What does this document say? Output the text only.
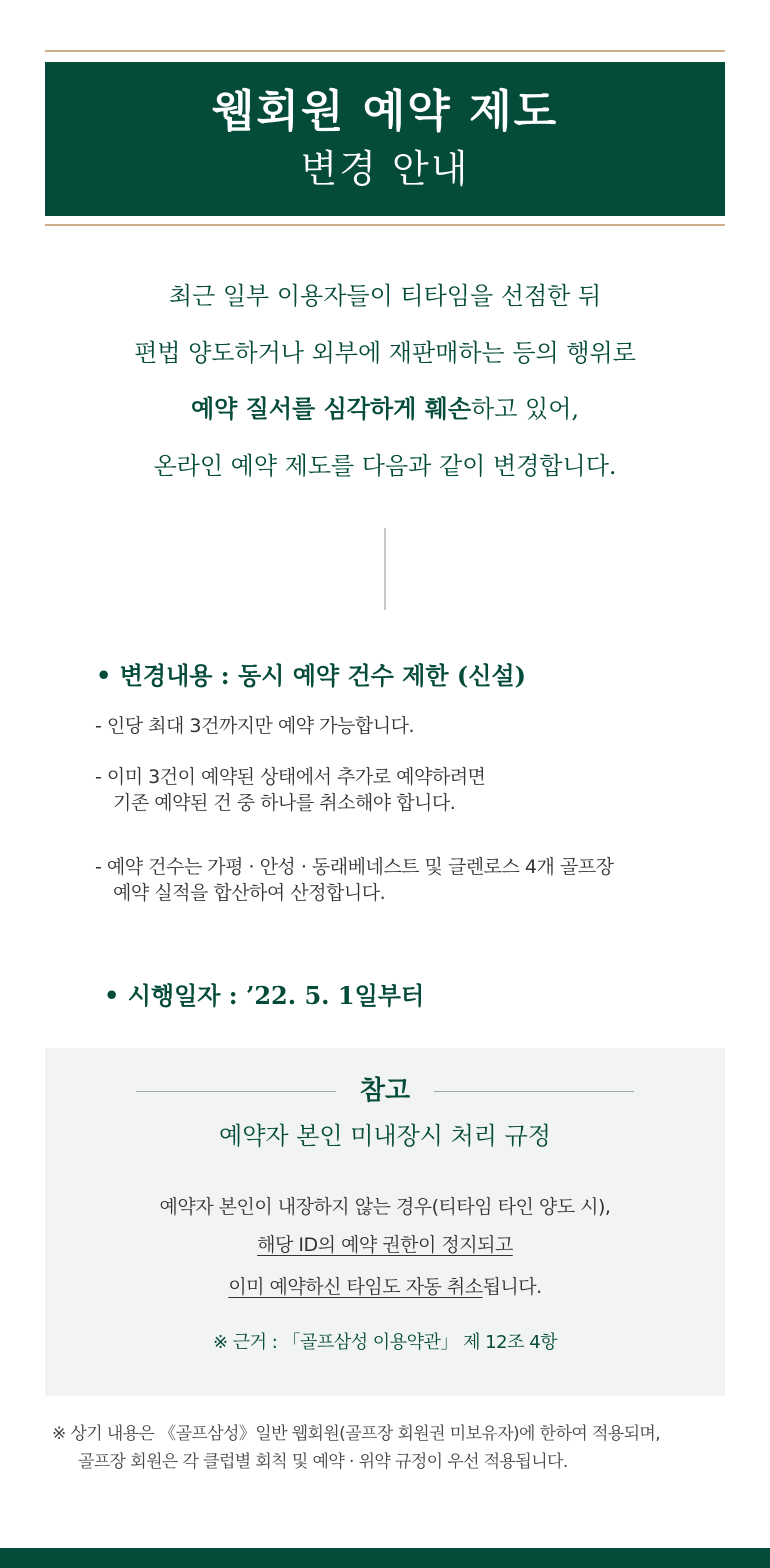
웹회원 예약 제도
변경 안내
최근 일부 이용자들이 티타임을 선점한 뒤
편법 양도하거나 외부에 재판매하는 등의 행위로
예약 질서를 심각하게 훼손하고 있어,
온라인 예약 제도를 다음과 같이 변경합니다.
• 변경내용 : 동시 예약 건수 제한 (신설)
- 인당 최대 3건까지만 예약 가능합니다.
- 이미 3건이 예약된 상태에서 추가로 예약하려면
기존 예약된 건 중 하나를 취소해야 합니다.
- 예약 건수는 가평 · 안성 · 동래베네스트 및 글렌로스 4개 골프장
예약 실적을 합산하여 산정합니다.
• 시행일자 : ’22. 5. 1일부터
참고
예약자 본인 미내장시 처리 규정
예약자 본인이 내장하지 않는 경우(티타임 타인 양도 시),
해당 ID의 예약 권한이 정지되고
이미 예약하신 타임도 자동 취소됩니다.
※ 근거 : 「골프삼성 이용약관」 제 12조 4항
※ 상기 내용은 《골프삼성》일반 웹회원(골프장 회원권 미보유자)에 한하여 적용되며,
골프장 회원은 각 클럽별 회칙 및 예약 · 위약 규정이 우선 적용됩니다.
